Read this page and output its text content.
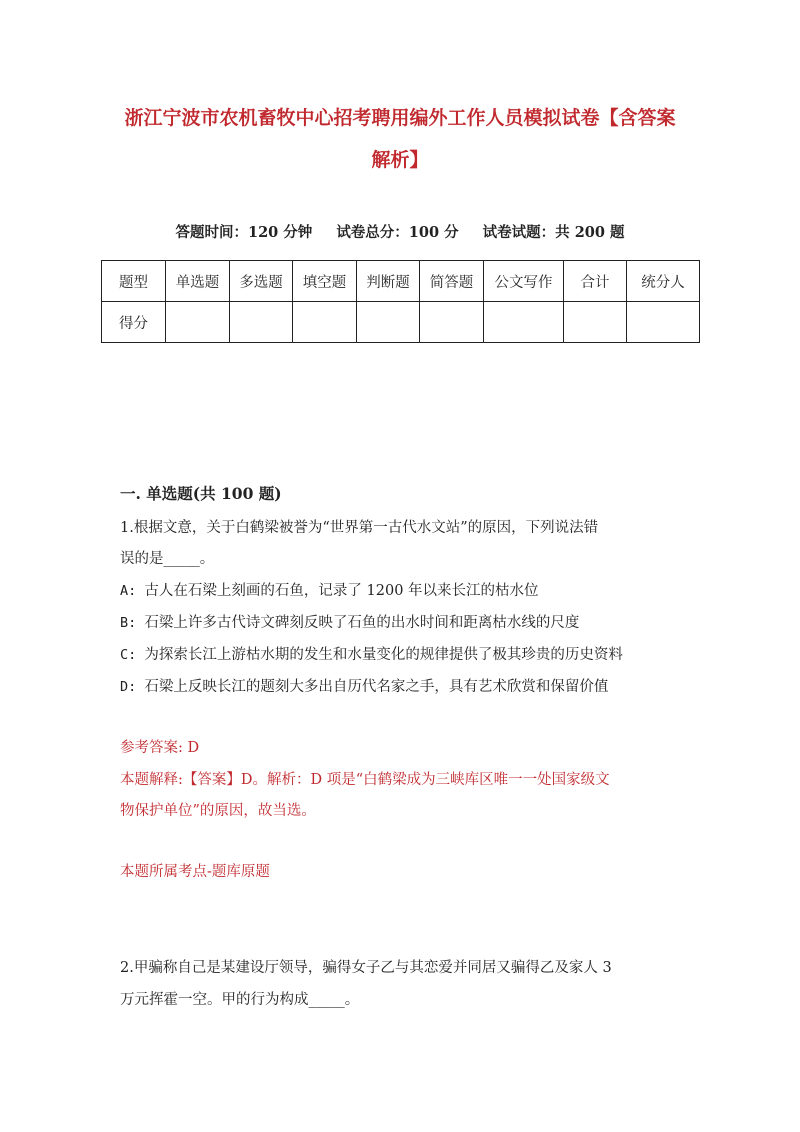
浙江宁波市农机畜牧中心招考聘用编外工作人员模拟试卷【含答案
解析】
答题时间：120 分钟 试卷总分：100 分 试卷试题：共 200 题
题型	单选题	多选题	填空题	判断题	简答题	公文写作	合计	统分人
得分								
一. 单选题(共 100 题)
1.根据文意，关于白鹤梁被誉为“世界第一古代水文站”的原因，下列说法错
误的是_____。
A: 古人在石梁上刻画的石鱼，记录了 1200 年以来长江的枯水位
B: 石梁上许多古代诗文碑刻反映了石鱼的出水时间和距离枯水线的尺度
C: 为探索长江上游枯水期的发生和水量变化的规律提供了极其珍贵的历史资料
D: 石梁上反映长江的题刻大多出自历代名家之手，具有艺术欣赏和保留价值
参考答案: D
本题解释:【答案】D。解析：D 项是“白鹤梁成为三峡库区唯一一处国家级文
物保护单位”的原因，故当选。
本题所属考点-题库原题
2.甲骗称自己是某建设厅领导，骗得女子乙与其恋爱并同居又骗得乙及家人 3
万元挥霍一空。甲的行为构成_____。
